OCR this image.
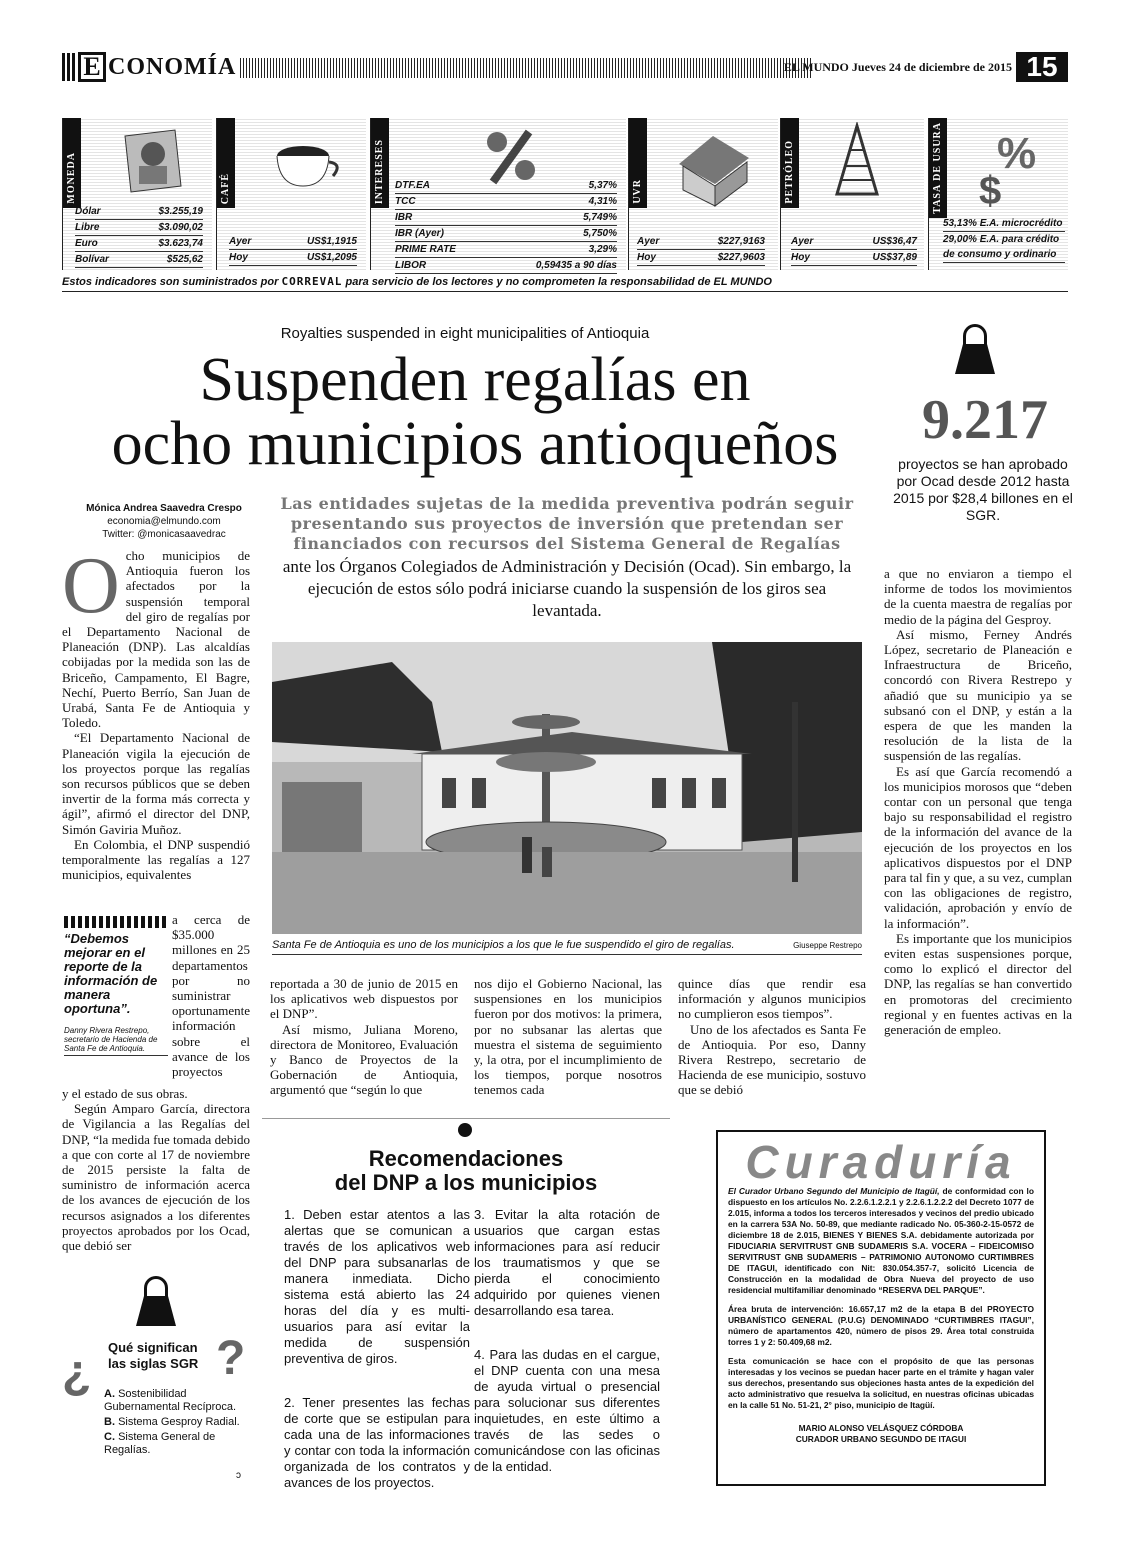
E CONOMÍA	EL MUNDO Jueves 24 de diciembre de 2015 15
MONEDA
Dólar	$3.255,19
Libre	$3.090,02
Euro	$3.623,74
Bolívar	$525,62
CAFÉ
Ayer	US$1,1915
Hoy	US$1,2095
INTERESES DTF.EA	5,37%
TCC	4,31%
IBR	5,749%
IBR (Ayer)	5,750%
PRIME RATE	3,29%
LIBOR	0,59435 a 90 días
UVR
Ayer	$227,9163
Hoy	$227,9603
PETRÓLEO
Ayer	US$36,47
Hoy	US$37,89
TASA DE USURA %
$
53,13% E.A. microcrédito
29,00% E.A. para crédito
de consumo y ordinario
Estos indicadores son suministrados por CORREVAL para servicio de los lectores y no comprometen la responsabilidad de EL MUNDO
Royalties suspended in eight municipalities of Antioquia
Suspenden regalías en
ocho municipios antioqueños	9.217
proyectos se han aprobado por Ocad desde 2012 hasta 2015 por $28,4 billones en el SGR.
Mónica Andrea Saavedra Crespo
economia@elmundo.com
Twitter: @monicasaavedrac
Las entidades sujetas de la medida preventiva podrán seguir presentando sus proyectos de inversión que pretendan ser financiados con recursos del Sistema General de Regalías
ante los Órganos Colegiados de Administración y Decisión (Ocad). Sin embargo, la ejecución de estos sólo podrá iniciarse cuando la suspensión de los giros sea levantada.

Ocho municipios de Antioquia fueron los afectados por la suspensión temporal del giro de regalías por el Departamento Nacional de Planeación (DNP). Las alcaldías cobijadas por la medida son las de Briceño, Campamento, El Bagre, Nechí, Puerto Berrío, San Juan de Urabá, Santa Fe de Antioquia y Toledo.

“El Departamento Nacional de Planeación vigila la ejecución de los proyectos porque las regalías son recursos públicos que se deben invertir de la forma más correcta y ágil”, afirmó el director del DNP, Simón Gaviria Muñoz.

En Colombia, el DNP suspendió temporalmente las regalías a 127 municipios, equivalentes

“Debemos mejorar en el reporte de la información de manera oportuna”.
Danny Rivera Restrepo, secretario de Hacienda de Santa Fe de Antioquia.

a cerca de $35.000 millones en 25 departamentos por no suministrar oportunamente información sobre el avance de los proyectos

y el estado de sus obras.

Según Amparo García, directora de Vigilancia a las Regalías del DNP, “la medida fue tomada debido a que con corte al 17 de noviembre de 2015 persiste la falta de suministro de información acerca de los avances de ejecución de los recursos asignados a los diferentes proyectos aprobados por los Ocad, que debió ser

Santa Fe de Antioquia es uno de los municipios a los que le fue suspendido el giro de regalías.	Giuseppe Restrepo

reportada a 30 de junio de 2015 en los aplicativos web dispuestos por el DNP”.

Así mismo, Juliana Moreno, directora de Monitoreo, Evaluación y Banco de Proyectos de la Gobernación de Antioquia, argumentó que “según lo que

nos dijo el Gobierno Nacional, las suspensiones en los municipios fueron por dos motivos: la primera, por no subsanar las alertas que muestra el sistema de seguimiento y, la otra, por el incumplimiento de los tiempos, porque nosotros tenemos cada

quince días que rendir esa información y algunos municipios no cumplieron esos tiempos”.

Uno de los afectados es Santa Fe de Antioquia. Por eso, Danny Rivera Restrepo, secretario de Hacienda de ese municipio, sostuvo que se debió

a que no enviaron a tiempo el informe de todos los movimientos de la cuenta maestra de regalías por medio de la página del Gesproy.

Así mismo, Ferney Andrés López, secretario de Planeación e Infraestructura de Briceño, concordó con Rivera Restrepo y añadió que su municipio ya se subsanó con el DNP, y están a la espera de que les manden la resolución de la lista de la suspensión de las regalías.

Es así que García recomendó a los municipios morosos que “deben contar con un personal que tenga bajo su responsabilidad el registro de la información del avance de la ejecución de los proyectos en los aplicativos dispuestos por el DNP para tal fin y que, a su vez, cumplan con las obligaciones de registro, validación, aprobación y envío de la información”.

Es importante que los municipios eviten estas suspensiones porque, como lo explicó el director del DNP, las regalías se han convertido en promotoras del crecimiento regional y en fuentes activas en la generación de empleo.

Recomendaciones
del DNP a los municipios

1. Deben estar atentos a las alertas que se comunican a través de los aplicativos web del DNP para subsanarlas de manera inmediata. Dicho sistema está abierto las 24 horas del día y es multi-usuarios para así evitar la medida de suspensión preventiva de giros.

2. Tener presentes las fechas de corte que se estipulan para cada una de las informaciones y contar con toda la información organizada de los contratos y avances de los proyectos.

3. Evitar la alta rotación de usuarios que cargan estas informaciones para así reducir los traumatismos y que se pierda el conocimiento adquirido por quienes vienen desarrollando esa tarea.

4. Para las dudas en el cargue, el DNP cuenta con una mesa de ayuda virtual o presencial para solucionar sus diferentes inquietudes, en este último a través de las sedes o comunicándose con las oficinas de la entidad.

¿	?
Qué significan las siglas SGR
A. Sostenibilidad Gubernamental Recíproca.
B. Sistema Gesproy Radial.
C. Sistema General de Regalías.
ɔ
Curaduría

El Curador Urbano Segundo del Municipio de Itagüí, de conformidad con lo dispuesto en los artículos No. 2.2.6.1.2.2.1 y 2.2.6.1.2.2.2 del Decreto 1077 de 2.015, informa a todos los terceros interesados y vecinos del predio ubicado en la carrera 53A No. 50-89, que mediante radicado No. 05-360-2-15-0572 de diciembre 18 de 2.015, BIENES Y BIENES S.A. debidamente autorizada por FIDUCIARIA SERVITRUST GNB SUDAMERIS S.A. VOCERA – FIDEICOMISO SERVITRUST GNB SUDAMERIS – PATRIMONIO AUTONOMO CURTIMBRES DE ITAGUI, identificado con Nit: 830.054.357-7, solicitó Licencia de Construcción en la modalidad de Obra Nueva del proyecto de uso residencial multifamiliar denominado “RESERVA DEL PARQUE”.

Área bruta de intervención: 16.657,17 m2 de la etapa B del PROYECTO URBANÍSTICO GENERAL (P.U.G) DENOMINADO “CURTIMBRES ITAGUI”, número de apartamentos 420, número de pisos 29. Área total construida torres 1 y 2: 50.409,68 m2.

Esta comunicación se hace con el propósito de que las personas interesadas y los vecinos se puedan hacer parte en el trámite y hagan valer sus derechos, presentando sus objeciones hasta antes de la expedición del acto administrativo que resuelva la solicitud, en nuestras oficinas ubicadas en la calle 51 No. 51-21, 2° piso, municipio de Itagüí.

MARIO ALONSO VELÁSQUEZ CÓRDOBA
CURADOR URBANO SEGUNDO DE ITAGUI
